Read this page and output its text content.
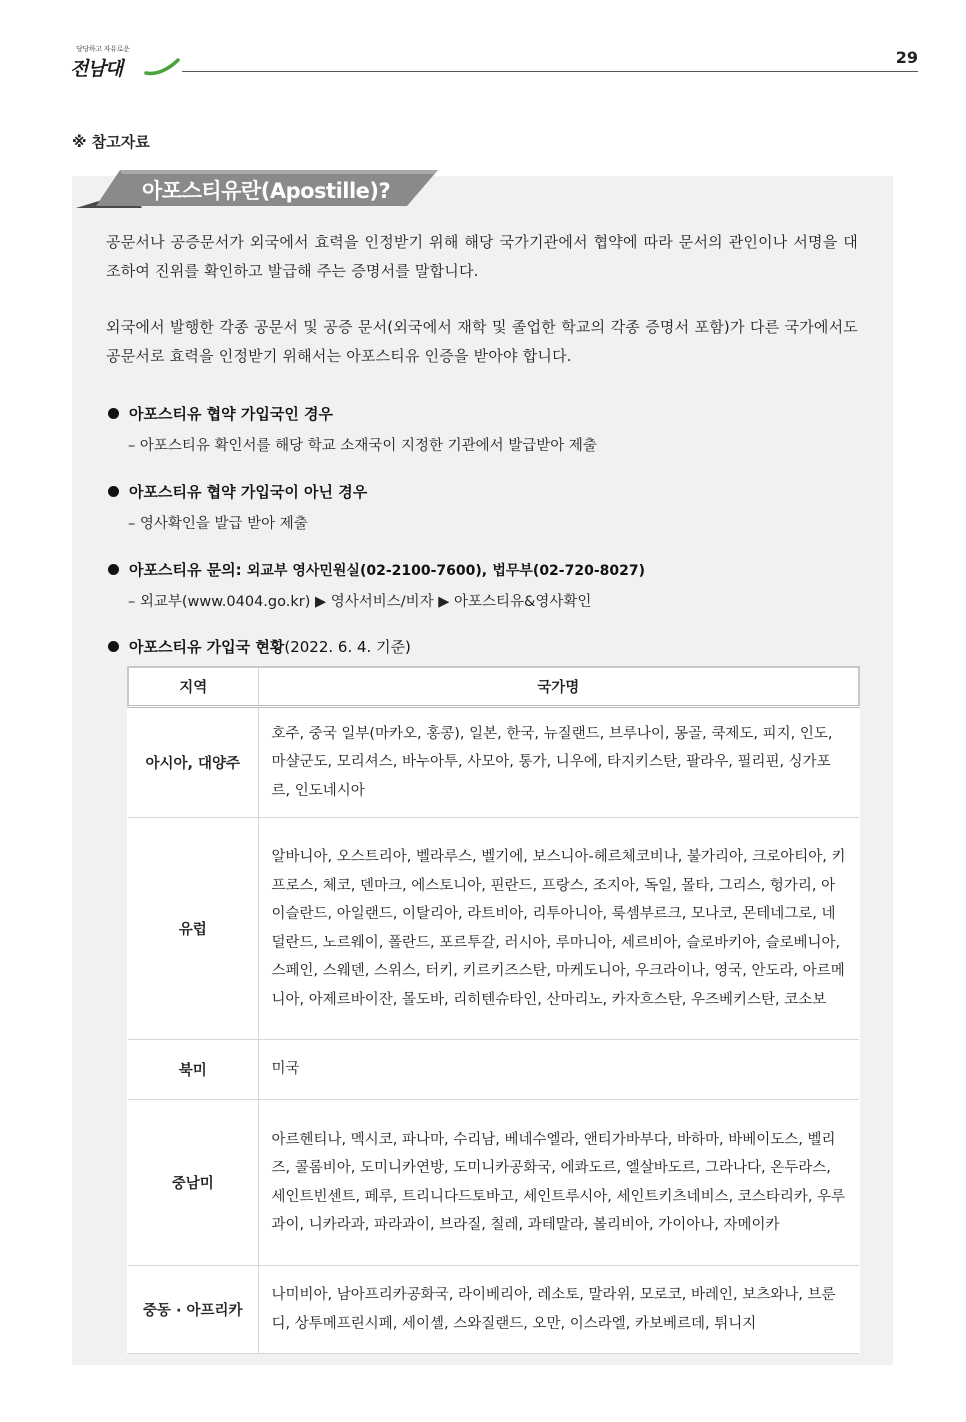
당당하고 자유로운
전남대
29
※ 참고자료
아포스티유란(Apostille)?
공문서나 공증문서가 외국에서 효력을 인정받기 위해 해당 국가기관에서 협약에 따라 문서의 관인이나 서명을 대조하여 진위를 확인하고 발급해 주는 증명서를 말합니다.
외국에서 발행한 각종 공문서 및 공증 문서(외국에서 재학 및 졸업한 학교의 각종 증명서 포함)가 다른 국가에서도 공문서로 효력을 인정받기 위해서는 아포스티유 인증을 받아야 합니다.
아포스티유 협약 가입국인 경우
– 아포스티유 확인서를 해당 학교 소재국이 지정한 기관에서 발급받아 제출
아포스티유 협약 가입국이 아닌 경우
– 영사확인을 발급 받아 제출
아포스티유 문의: 외교부 영사민원실(02-2100-7600), 법무부(02-720-8027)
– 외교부(www.0404.go.kr) ▶ 영사서비스/비자 ▶ 아포스티유&영사확인
아포스티유 가입국 현황(2022. 6. 4. 기준)
지역	국가명
아시아, 대양주	호주, 중국 일부(마카오, 홍콩), 일본, 한국, 뉴질랜드, 브루나이, 몽골, 쿡제도, 피지, 인도, 마샬군도, 모리셔스, 바누아투, 사모아, 통가, 니우에, 타지키스탄, 팔라우, 필리핀, 싱가포르, 인도네시아
유럽	알바니아, 오스트리아, 벨라루스, 벨기에, 보스니아-헤르체코비나, 불가리아, 크로아티아, 키프로스, 체코, 덴마크, 에스토니아, 핀란드, 프랑스, 조지아, 독일, 몰타, 그리스, 헝가리, 아이슬란드, 아일랜드, 이탈리아, 라트비아, 리투아니아, 룩셈부르크, 모나코, 몬테네그로, 네덜란드, 노르웨이, 폴란드, 포르투갈, 러시아, 루마니아, 세르비아, 슬로바키아, 슬로베니아, 스페인, 스웨덴, 스위스, 터키, 키르키즈스탄, 마케도니아, 우크라이나, 영국, 안도라, 아르메니아, 아제르바이잔, 몰도바, 리히텐슈타인, 산마리노, 카자흐스탄, 우즈베키스탄, 코소보
북미	미국
중남미	아르헨티나, 멕시코, 파나마, 수리남, 베네수엘라, 앤티가바부다, 바하마, 바베이도스, 벨리즈, 콜롬비아, 도미니카연방, 도미니카공화국, 에콰도르, 엘살바도르, 그라나다, 온두라스, 세인트빈센트, 페루, 트리니다드토바고, 세인트루시아, 세인트키츠네비스, 코스타리카, 우루과이, 니카라과, 파라과이, 브라질, 칠레, 과테말라, 볼리비아, 가이아나, 자메이카
중동 · 아프리카	나미비아, 남아프리카공화국, 라이베리아, 레소토, 말라위, 모로코, 바레인, 보츠와나, 브룬디, 상투메프린시페, 세이셸, 스와질랜드, 오만, 이스라엘, 카보베르데, 튀니지
